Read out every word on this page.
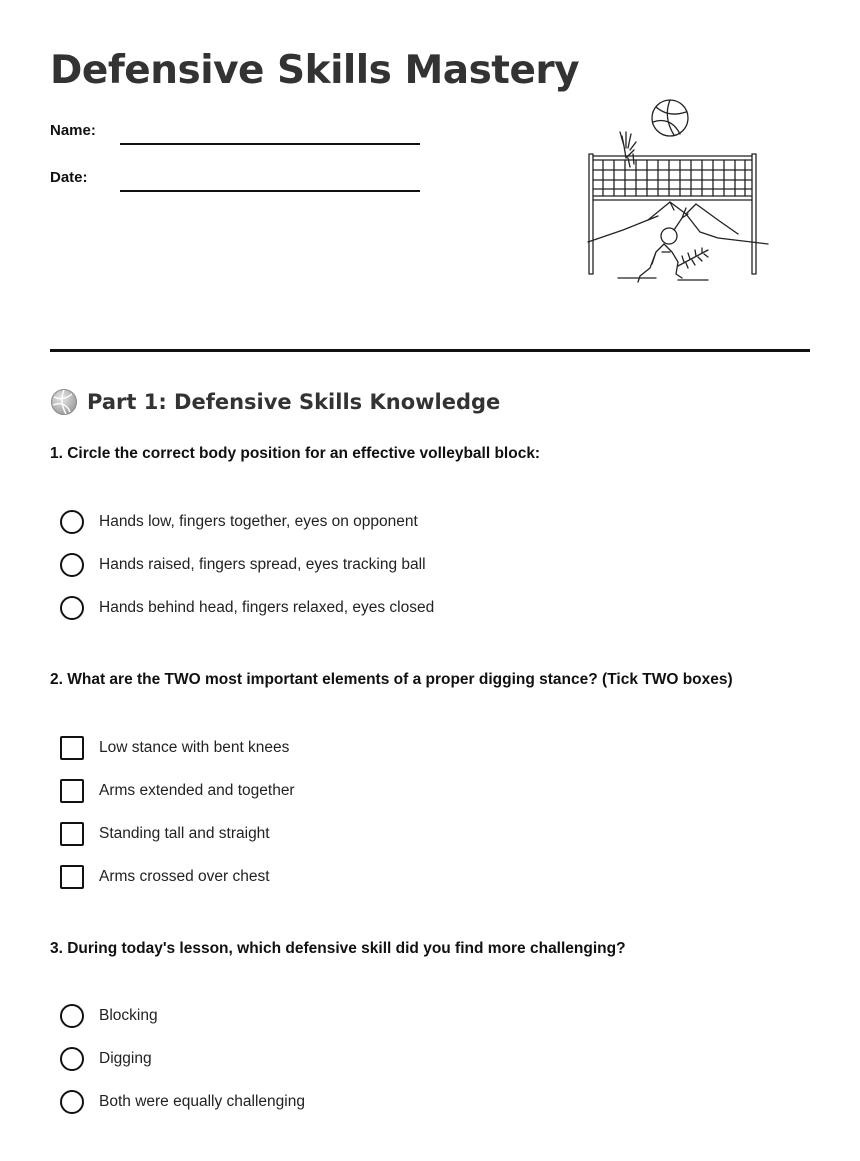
Defensive Skills Mastery
Name:
Date:
Part 1: Defensive Skills Knowledge
1. Circle the correct body position for an effective volleyball block:
Hands low, fingers together, eyes on opponent
Hands raised, fingers spread, eyes tracking ball
Hands behind head, fingers relaxed, eyes closed
2. What are the TWO most important elements of a proper digging stance? (Tick TWO boxes)
Low stance with bent knees
Arms extended and together
Standing tall and straight
Arms crossed over chest
3. During today's lesson, which defensive skill did you find more challenging?
Blocking
Digging
Both were equally challenging
